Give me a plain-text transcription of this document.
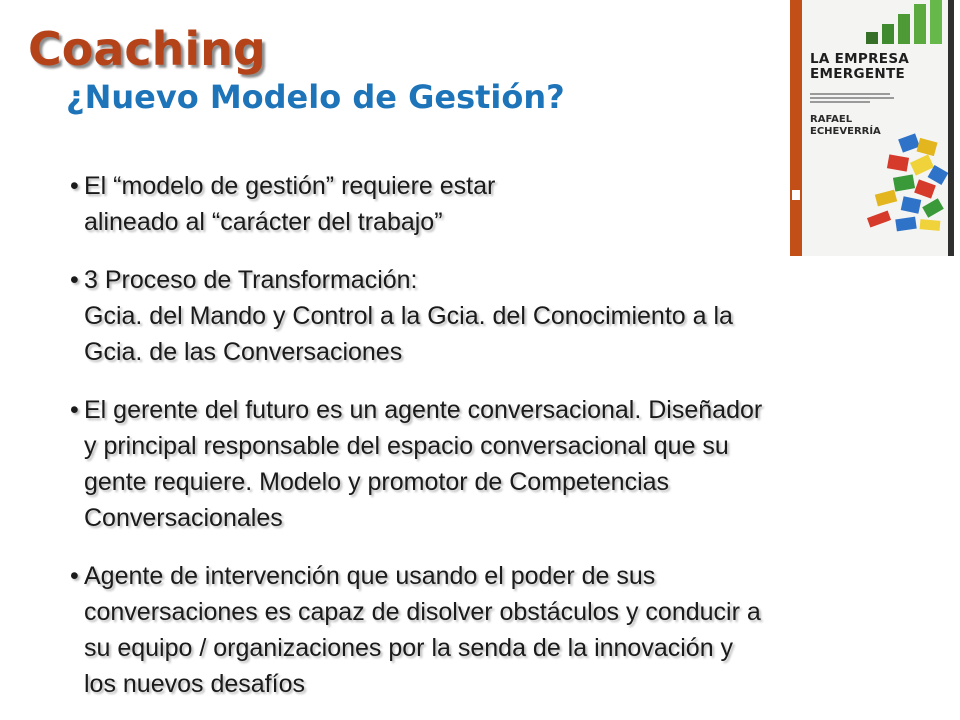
Coaching
¿Nuevo Modelo de Gestión?
LA EMPRESA
EMERGENTE
RAFAEL
ECHEVERRÍA
• El “modelo de gestión” requiere estar
alineado al “carácter del trabajo”
• 3 Proceso de Transformación:
Gcia. del Mando y Control a la Gcia. del Conocimiento a la
Gcia. de las Conversaciones
• El gerente del futuro es un agente conversacional. Diseñador
y principal responsable del espacio conversacional que su
gente requiere. Modelo y promotor de Competencias
Conversacionales
• Agente de intervención que usando el poder de sus
conversaciones es capaz de disolver obstáculos y conducir a
su equipo / organizaciones por la senda de la innovación y
los nuevos desafíos
